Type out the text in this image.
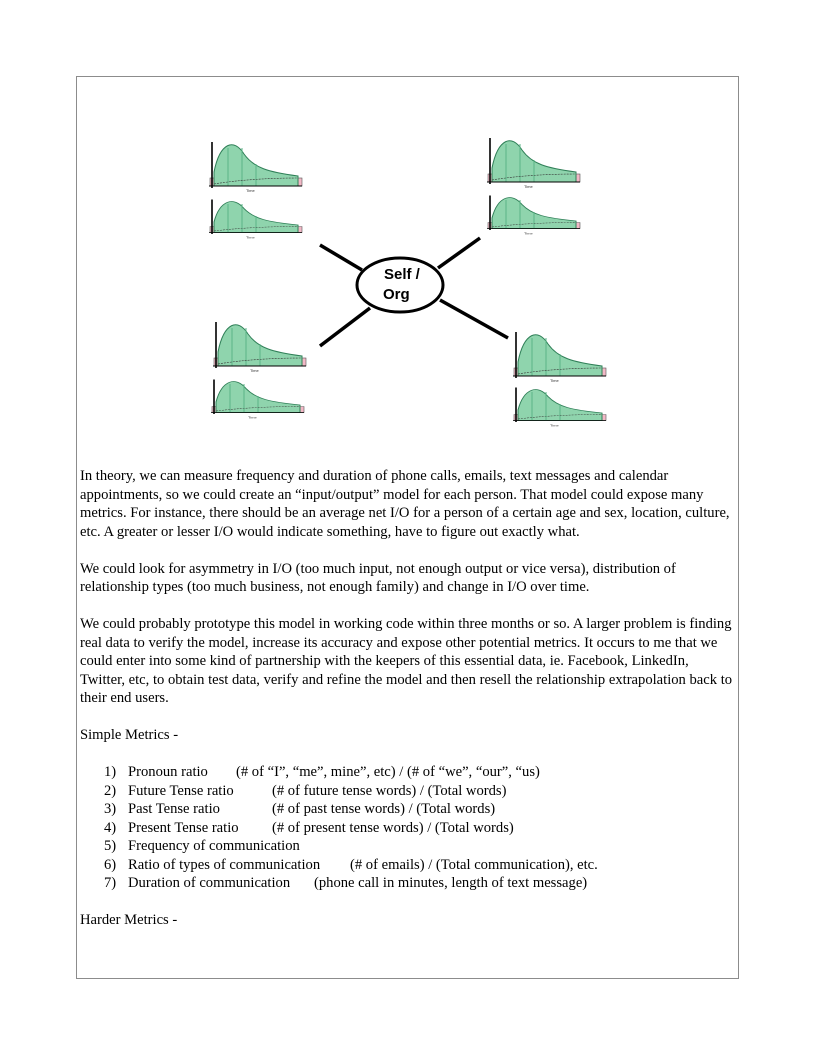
Self /
Org
Time
Time
Time
Time
Time
Time
Time
Time

In theory, we can measure frequency and duration of phone calls, emails, text messages and calendar appointments, so we could create an “input/output” model for each person. That model could expose many metrics. For instance, there should be an average net I/O for a person of a certain age and sex, location, culture, etc. A greater or lesser I/O would indicate something, have to figure out exactly what.

We could look for asymmetry in I/O (too much input, not enough output or vice versa), distribution of relationship types (too much business, not enough family) and change in I/O over time.

We could probably prototype this model in working code within three months or so. A larger problem is finding real data to verify the model, increase its accuracy and expose other potential metrics. It occurs to me that we could enter into some kind of partnership with the keepers of this essential data, ie. Facebook, LinkedIn, Twitter, etc, to obtain test data, verify and refine the model and then resell the relationship extrapolation back to their end users.

Simple Metrics -

1) Pronoun ratio	(# of “I”, “me”, mine”, etc) / (# of “we”, “our”, “us)
2) Future Tense ratio	(# of future tense words) / (Total words)
3) Past Tense ratio	(# of past tense words) / (Total words)
4) Present Tense ratio	(# of present tense words) / (Total words)
5) Frequency of communication
6) Ratio of types of communication	(# of emails) / (Total communication), etc.
7) Duration of communication	(phone call in minutes, length of text message)

Harder Metrics -
